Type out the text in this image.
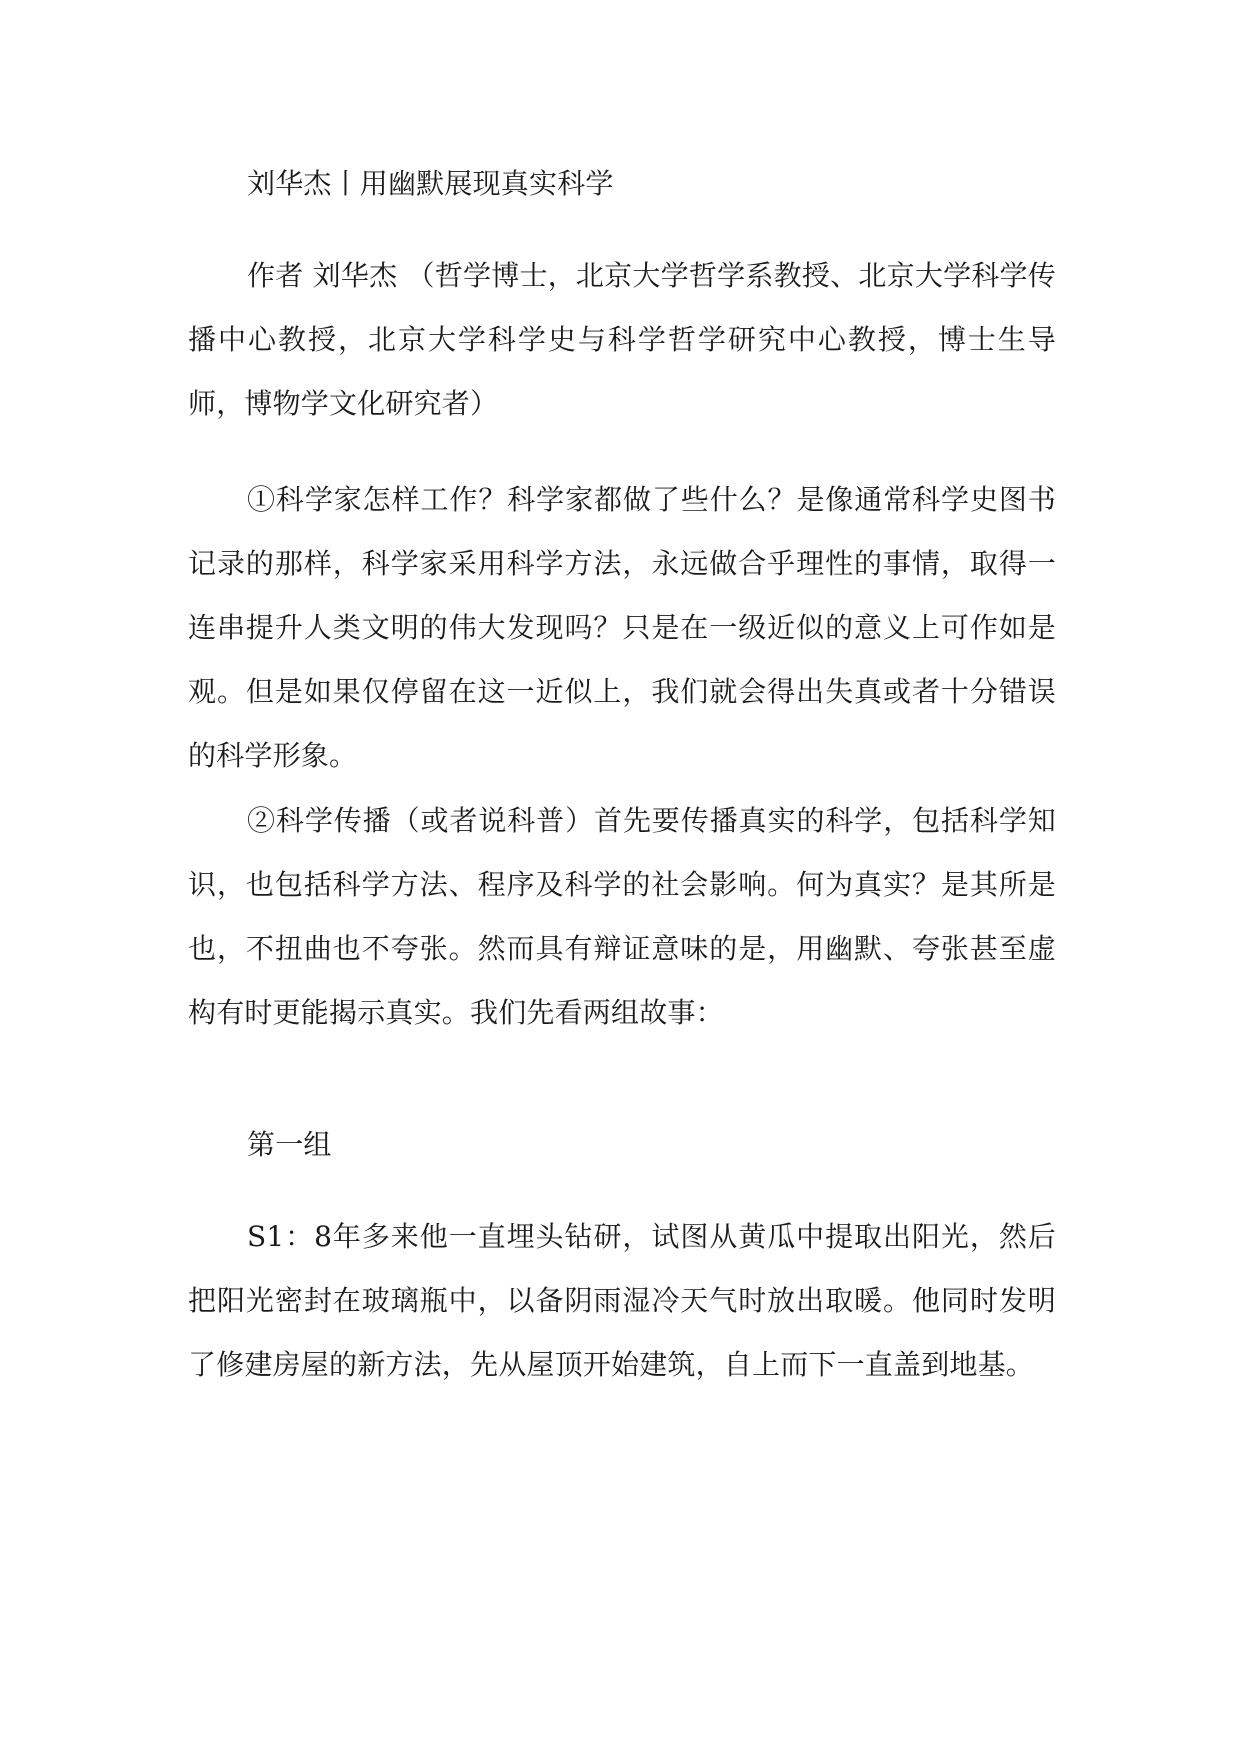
刘华杰丨用幽默展现真实科学

作者 刘华杰 （哲学博士，北京大学哲学系教授、北京大学科学传播中心教授，北京大学科学史与科学哲学研究中心教授，博士生导师，博物学文化研究者）

①科学家怎样工作？科学家都做了些什么？是像通常科学史图书记录的那样，科学家采用科学方法，永远做合乎理性的事情，取得一连串提升人类文明的伟大发现吗？只是在一级近似的意义上可作如是观。但是如果仅停留在这一近似上，我们就会得出失真或者十分错误的科学形象。

②科学传播（或者说科普）首先要传播真实的科学，包括科学知识，也包括科学方法、程序及科学的社会影响。何为真实？是其所是也，不扭曲也不夸张。然而具有辩证意味的是，用幽默、夸张甚至虚构有时更能揭示真实。我们先看两组故事：

第一组

S1：8年多来他一直埋头钻研，试图从黄瓜中提取出阳光，然后把阳光密封在玻璃瓶中，以备阴雨湿冷天气时放出取暖。他同时发明了修建房屋的新方法，先从屋顶开始建筑，自上而下一直盖到地基。
